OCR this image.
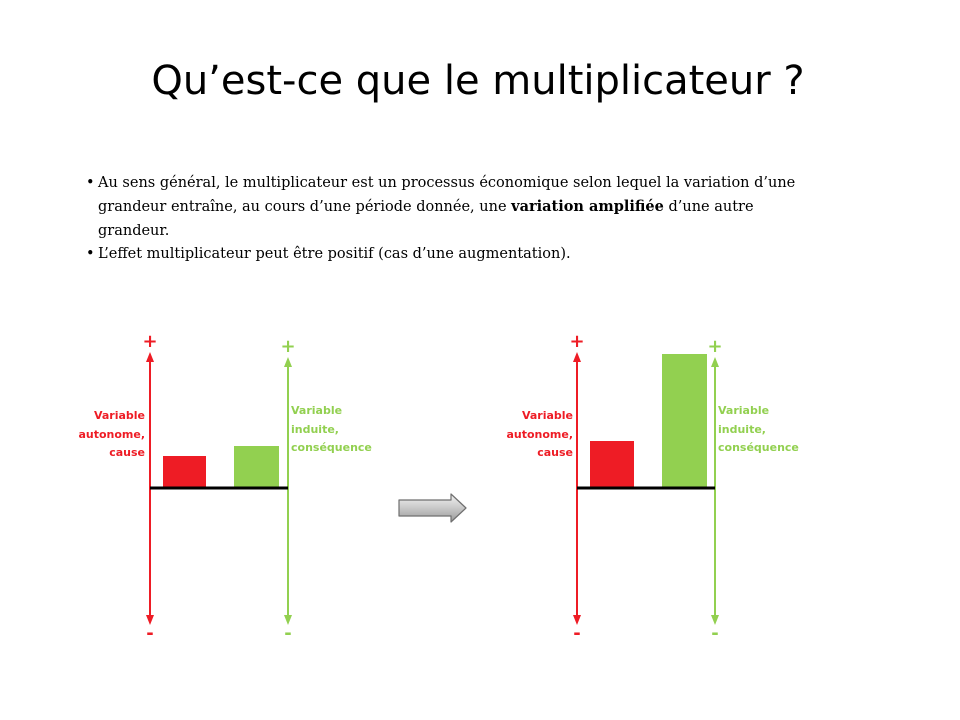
Qu’est-ce que le multiplicateur ?
• Au sens général, le multiplicateur est un processus économique selon lequel la variation d’une grandeur entraîne, au cours d’une période donnée, une variation amplifiée d’une autre grandeur.
• L’effet multiplicateur peut être positif (cas d’une augmentation).
+
-
Variable
autonome,
cause
+
-
Variable
induite,
conséquence
+
-
Variable
autonome,
cause
+
-
Variable
induite,
conséquence
